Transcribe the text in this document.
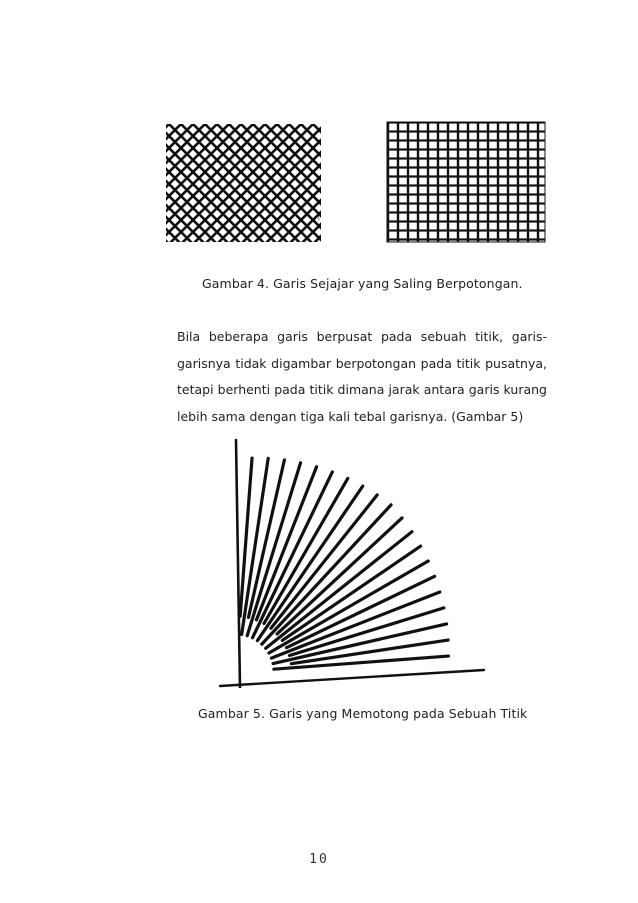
ι
Gambar 4. Garis Sejajar yang Saling Berpotongan.

Bila beberapa garis berpusat pada sebuah titik, garis-garisnya tidak digambar berpotongan pada titik pusatnya, tetapi berhenti pada titik dimana jarak antara garis kurang lebih sama dengan tiga kali tebal garisnya. (Gambar 5)

Gambar 5. Garis yang Memotong pada Sebuah Titik
10
